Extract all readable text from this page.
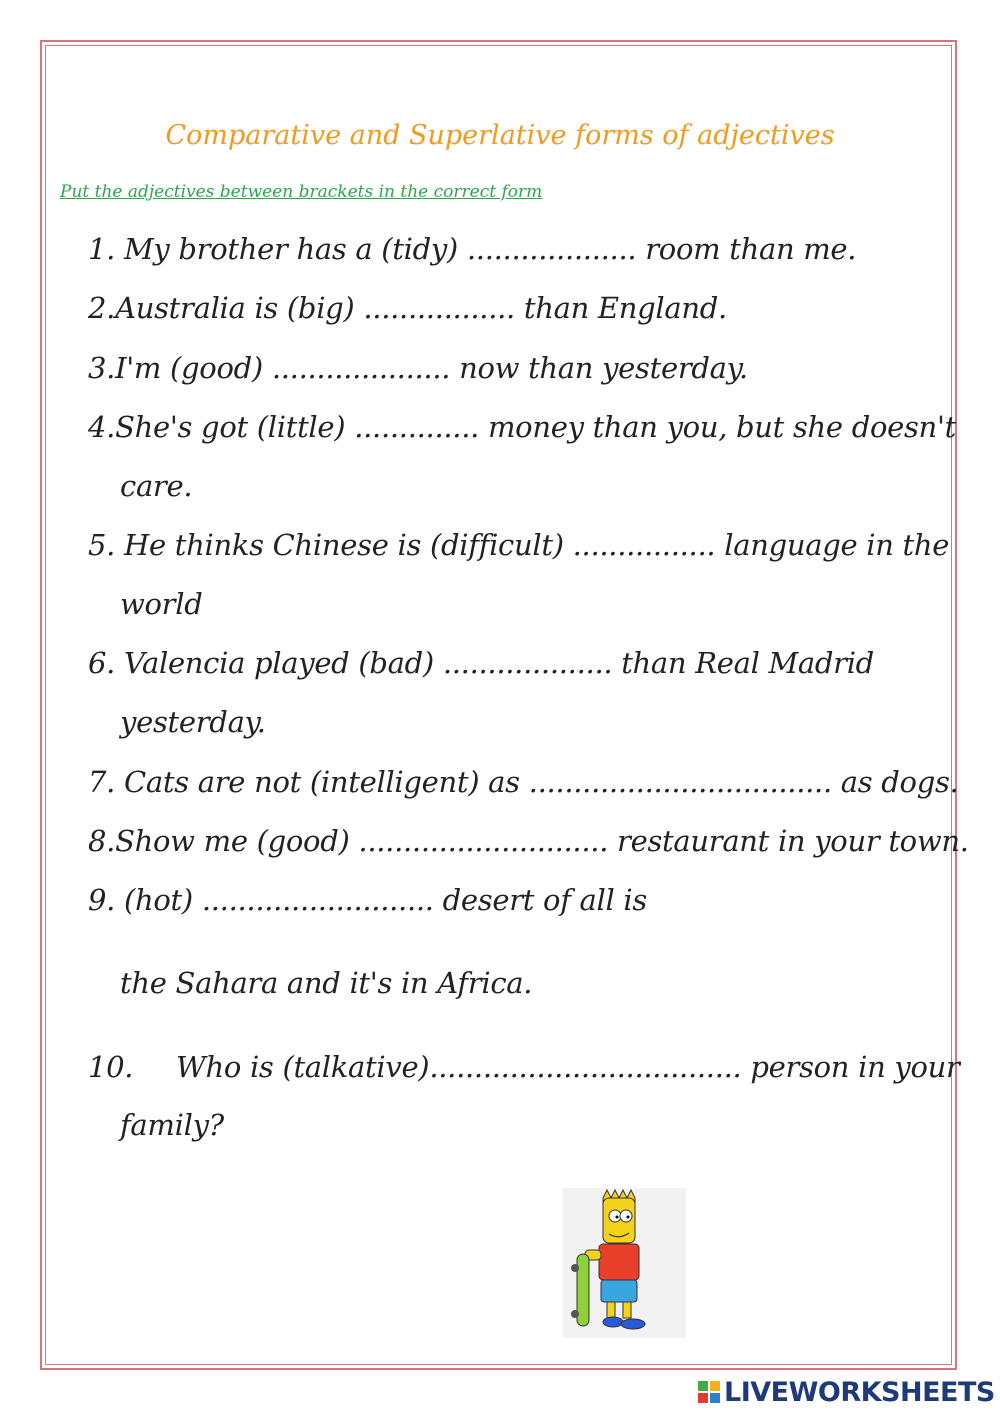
Comparative and Superlative forms of adjectives
Put the adjectives between brackets in the correct form
1. My brother has a (tidy) ................... room than me.
2.Australia is (big) ................. than England.
3.I'm (good) .................... now than yesterday.
4.She's got (little) .............. money than you, but she doesn't
care.
5. He thinks Chinese is (difficult) ................ language in the
world
6. Valencia played (bad) ................... than Real Madrid
yesterday.
7. Cats are not (intelligent) as .................................. as dogs.
8.Show me (good) ............................ restaurant in your town.
9. (hot) .......................... desert of all is
the Sahara and it's in Africa.
10. Who is (talkative)................................... person in your
family?
LIVEWORKSHEETS
